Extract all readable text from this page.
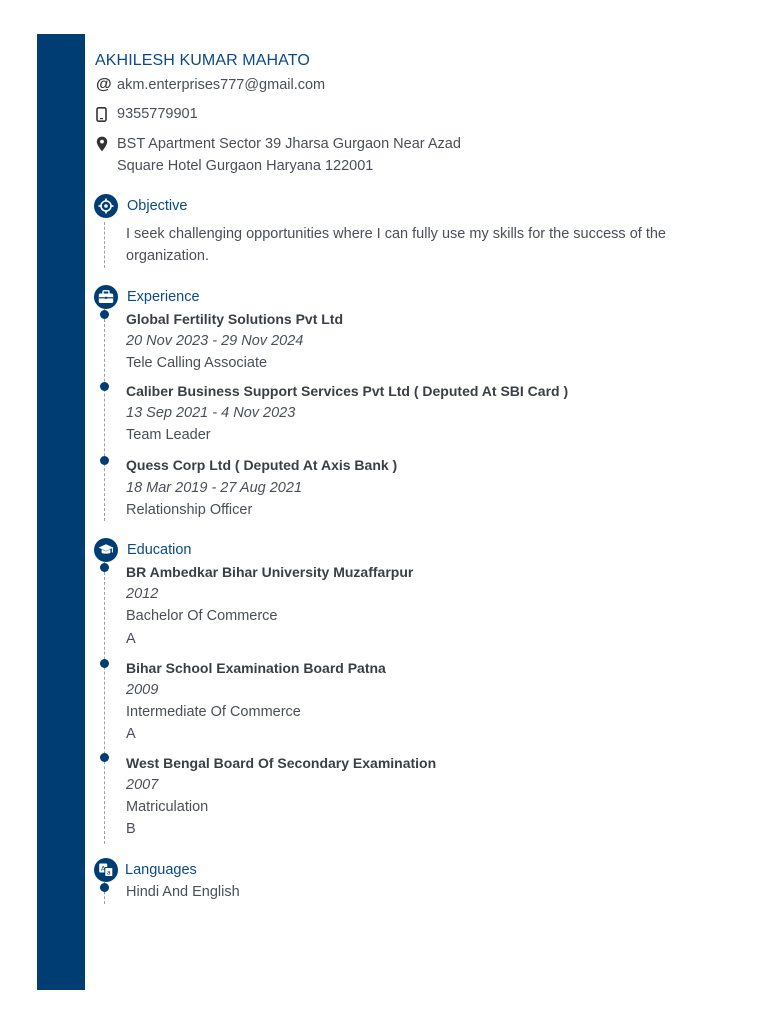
AKHILESH KUMAR MAHATO
@ akm.enterprises777@gmail.com
9355779901
BST Apartment Sector 39 Jharsa Gurgaon Near Azad
Square Hotel Gurgaon Haryana 122001
Objective
I seek challenging opportunities where I can fully use my skills for the success of the
organization.
Experience
Global Fertility Solutions Pvt Ltd
20 Nov 2023 - 29 Nov 2024
Tele Calling Associate
Caliber Business Support Services Pvt Ltd ( Deputed At SBI Card )
13 Sep 2021 - 4 Nov 2023
Team Leader
Quess Corp Ltd ( Deputed At Axis Bank )
18 Mar 2019 - 27 Aug 2021
Relationship Officer
Education
BR Ambedkar Bihar University Muzaffarpur
2012
Bachelor Of Commerce
A
Bihar School Examination Board Patna
2009
Intermediate Of Commerce
A
West Bengal Board Of Secondary Examination
2007
Matriculation
B
A a Languages
Hindi And English
